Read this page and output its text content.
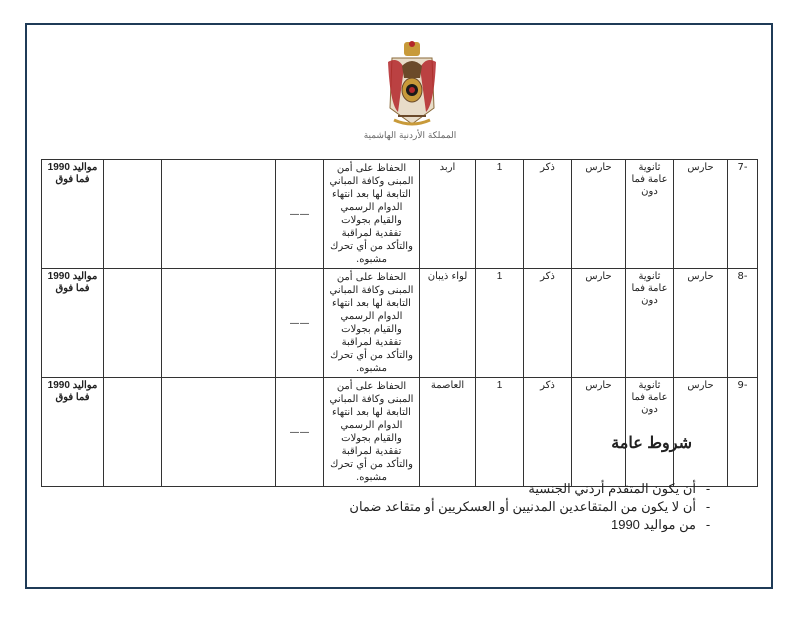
المملكة الأردنية الهاشمية
-7	حارس	ثانوية عامة فما دون	حارس	ذكر	1	اربد	الحفاظ على أمن المبنى وكافة المباني التابعة لها بعد انتهاء الدوام الرسمي والقيام بجولات تفقدية لمراقبة والتأكد من أي تحرك مشبوه.	——			مواليد 1990 فما فوق
-8	حارس	ثانوية عامة فما دون	حارس	ذكر	1	لواء ذيبان	الحفاظ على أمن المبنى وكافة المباني التابعة لها بعد انتهاء الدوام الرسمي والقيام بجولات تفقدية لمراقبة والتأكد من أي تحرك مشبوه.	——			مواليد 1990 فما فوق
-9	حارس	ثانوية عامة فما دون	حارس	ذكر	1	العاصمة	الحفاظ على أمن المبنى وكافة المباني التابعة لها بعد انتهاء الدوام الرسمي والقيام بجولات تفقدية لمراقبة والتأكد من أي تحرك مشبوه.	——			مواليد 1990 فما فوق
شروط عامة
-أن يكون المتقدم أردني الجنسية
-أن لا يكون من المتقاعدين المدنيين أو العسكريين أو متقاعد ضمان
-من مواليد 1990
